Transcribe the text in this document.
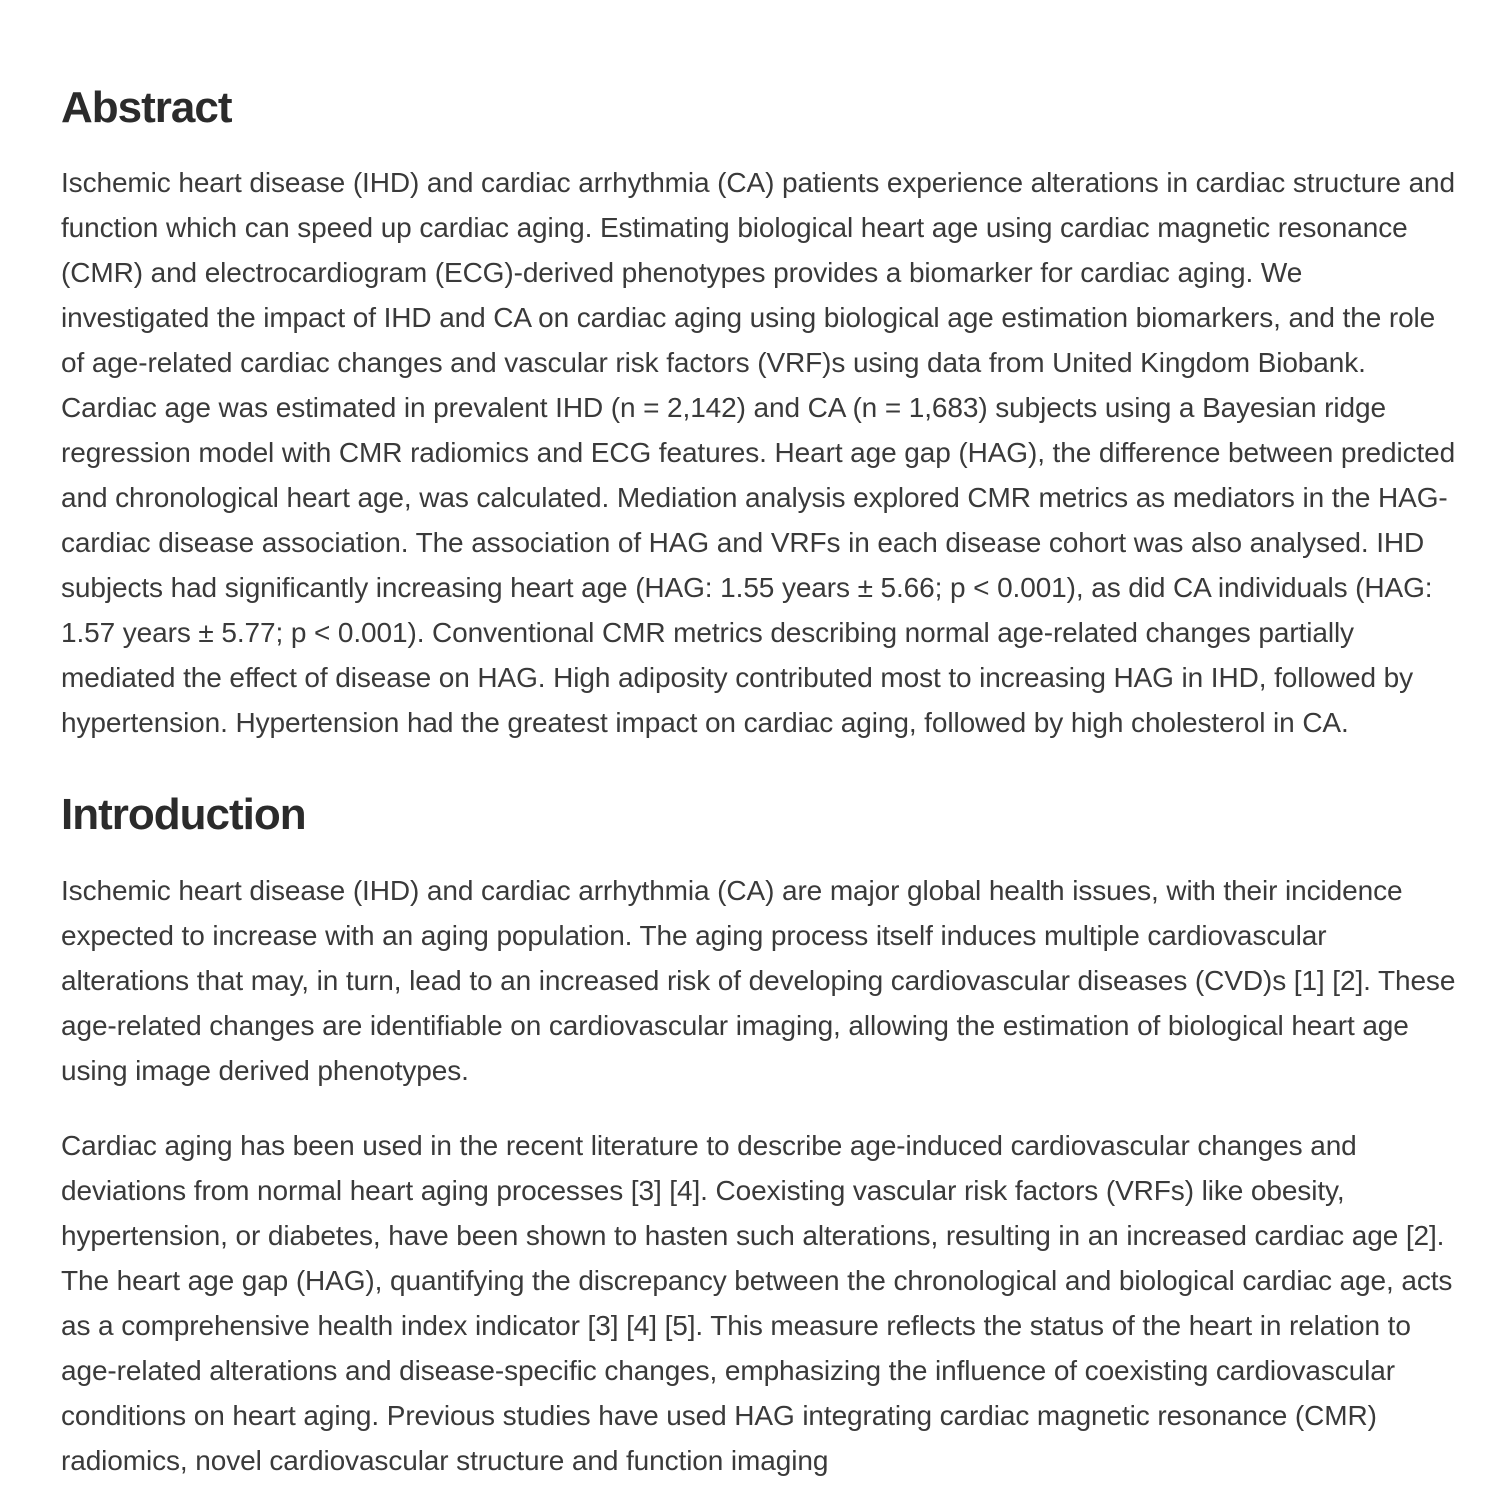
Abstract

Ischemic heart disease (IHD) and cardiac arrhythmia (CA) patients experience alterations in cardiac structure and function which can speed up cardiac aging. Estimating biological heart age using cardiac magnetic resonance (CMR) and electrocardiogram (ECG)-derived phenotypes provides a biomarker for cardiac aging. We investigated the impact of IHD and CA on cardiac aging using biological age estimation biomarkers, and the role of age-related cardiac changes and vascular risk factors (VRF)s using data from United Kingdom Biobank. Cardiac age was estimated in prevalent IHD (n = 2,142) and CA (n = 1,683) subjects using a Bayesian ridge regression model with CMR radiomics and ECG features. Heart age gap (HAG), the difference between predicted and chronological heart age, was calculated. Mediation analysis explored CMR metrics as mediators in the HAG-cardiac disease association. The association of HAG and VRFs in each disease cohort was also analysed. IHD subjects had significantly increasing heart age (HAG: 1.55 years ± 5.66; p < 0.001), as did CA individuals (HAG: 1.57 years ± 5.77; p < 0.001). Conventional CMR metrics describing normal age-related changes partially mediated the effect of disease on HAG. High adiposity contributed most to increasing HAG in IHD, followed by hypertension. Hypertension had the greatest impact on cardiac aging, followed by high cholesterol in CA.

Introduction

Ischemic heart disease (IHD) and cardiac arrhythmia (CA) are major global health issues, with their incidence expected to increase with an aging population. The aging process itself induces multiple cardiovascular alterations that may, in turn, lead to an increased risk of developing cardiovascular diseases (CVD)s [1] [2]. These age-related changes are identifiable on cardiovascular imaging, allowing the estimation of biological heart age using image derived phenotypes.

Cardiac aging has been used in the recent literature to describe age-induced cardiovascular changes and deviations from normal heart aging processes [3] [4]. Coexisting vascular risk factors (VRFs) like obesity, hypertension, or diabetes, have been shown to hasten such alterations, resulting in an increased cardiac age [2]. The heart age gap (HAG), quantifying the discrepancy between the chronological and biological cardiac age, acts as a comprehensive health index indicator [3] [4] [5]. This measure reflects the status of the heart in relation to age-related alterations and disease-specific changes, emphasizing the influence of coexisting cardiovascular conditions on heart aging. Previous studies have used HAG integrating cardiac magnetic resonance (CMR) radiomics, novel cardiovascular structure and function imaging
